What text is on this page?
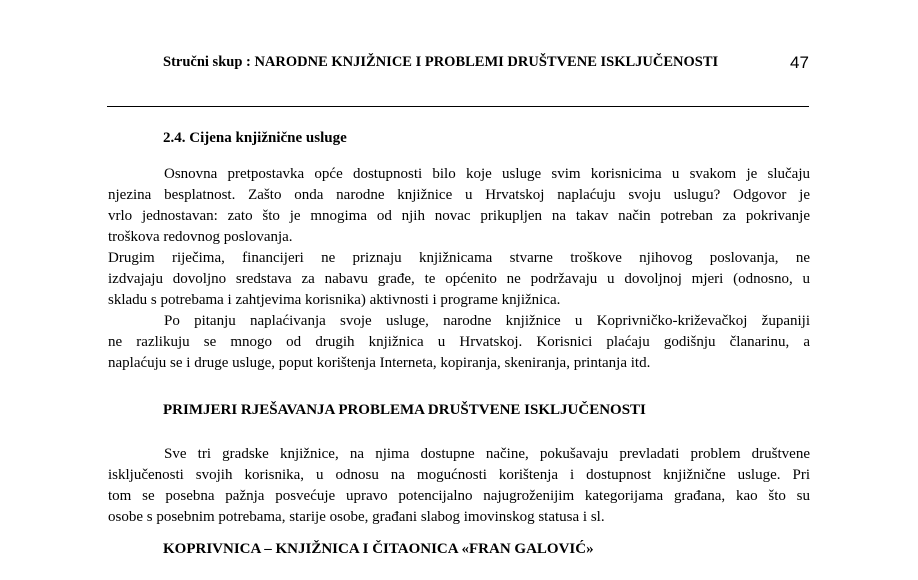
Stručni skup : NARODNE KNJIŽNICE I PROBLEMI DRUŠTVENE ISKLJUČENOSTI	47
2.4. Cijena knjižnične usluge
Osnovna pretpostavka opće dostupnosti bilo koje usluge svim korisnicima u svakom je slučaju
njezina besplatnost. Zašto onda narodne knjižnice u Hrvatskoj naplaćuju svoju uslugu? Odgovor je
vrlo jednostavan: zato što je mnogima od njih novac prikupljen na takav način potreban za pokrivanje
troškova redovnog poslovanja.
Drugim riječima, financijeri ne priznaju knjižnicama stvarne troškove njihovog poslovanja, ne
izdvajaju dovoljno sredstava za nabavu građe, te općenito ne podržavaju u dovoljnoj mjeri (odnosno, u
skladu s potrebama i zahtjevima korisnika) aktivnosti i programe knjižnica.
Po pitanju naplaćivanja svoje usluge, narodne knjižnice u Koprivničko-križevačkoj županiji
ne razlikuju se mnogo od drugih knjižnica u Hrvatskoj. Korisnici plaćaju godišnju članarinu, a
naplaćuju se i druge usluge, poput korištenja Interneta, kopiranja, skeniranja, printanja itd.
PRIMJERI RJEŠAVANJA PROBLEMA DRUŠTVENE ISKLJUČENOSTI
Sve tri gradske knjižnice, na njima dostupne načine, pokušavaju prevladati problem društvene
isključenosti svojih korisnika, u odnosu na mogućnosti korištenja i dostupnost knjižnične usluge. Pri
tom se posebna pažnja posvećuje upravo potencijalno najugroženijim kategorijama građana, kao što su
osobe s posebnim potrebama, starije osobe, građani slabog imovinskog statusa i sl.
KOPRIVNICA – KNJIŽNICA I ČITAONICA «FRAN GALOVIĆ»
